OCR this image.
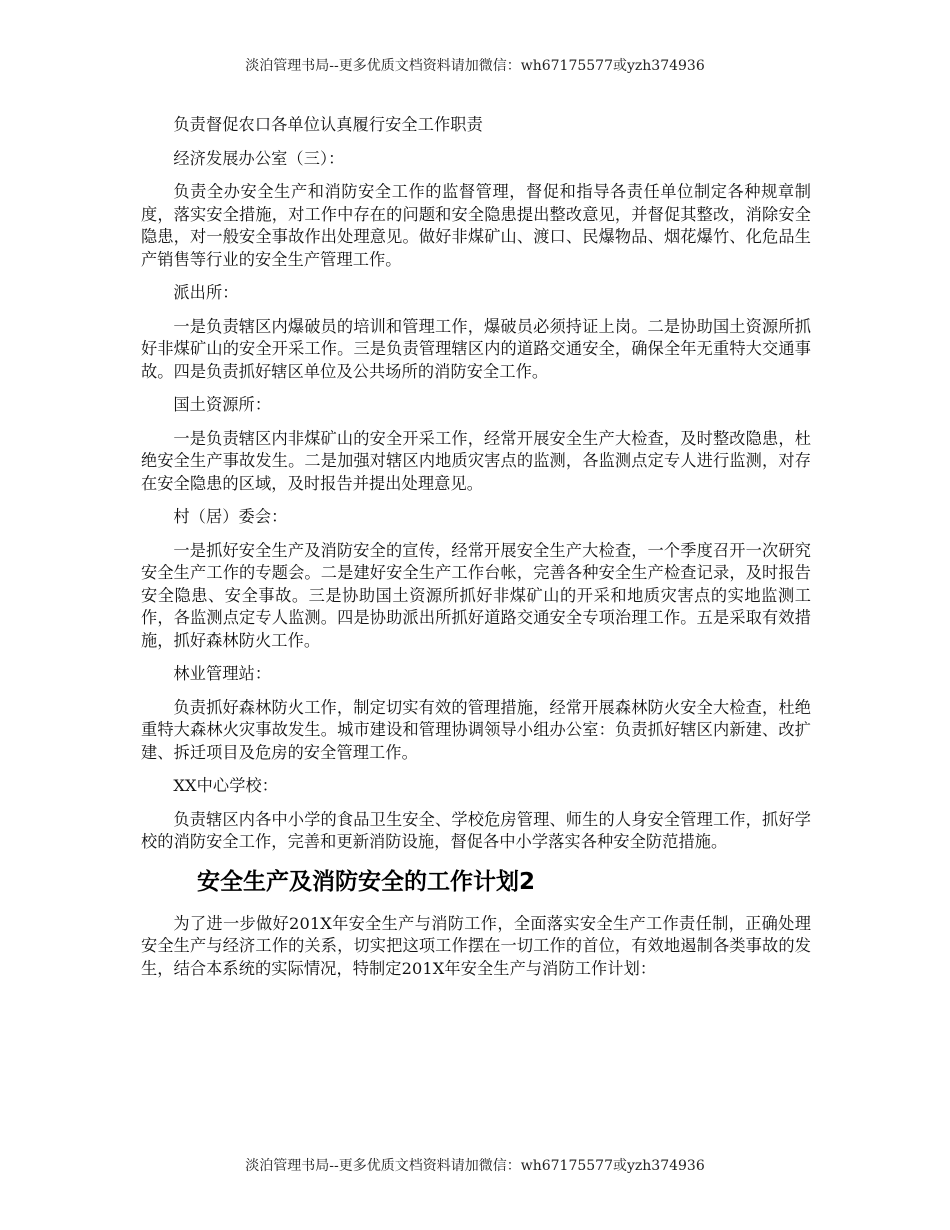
淡泊管理书局--更多优质文档资料请加微信：wh67175577或yzh374936

负责督促农口各单位认真履行安全工作职责

经济发展办公室（三）：

负责全办安全生产和消防安全工作的监督管理，督促和指导各责任单位制定各种规章制度，落实安全措施，对工作中存在的问题和安全隐患提出整改意见，并督促其整改，消除安全隐患，对一般安全事故作出处理意见。做好非煤矿山、渡口、民爆物品、烟花爆竹、化危品生产销售等行业的安全生产管理工作。

派出所：

一是负责辖区内爆破员的培训和管理工作，爆破员必须持证上岗。二是协助国土资源所抓好非煤矿山的安全开采工作。三是负责管理辖区内的道路交通安全，确保全年无重特大交通事故。四是负责抓好辖区单位及公共场所的消防安全工作。

国土资源所：

一是负责辖区内非煤矿山的安全开采工作，经常开展安全生产大检查，及时整改隐患，杜绝安全生产事故发生。二是加强对辖区内地质灾害点的监测，各监测点定专人进行监测，对存在安全隐患的区域，及时报告并提出处理意见。

村（居）委会：

一是抓好安全生产及消防安全的宣传，经常开展安全生产大检查，一个季度召开一次研究安全生产工作的专题会。二是建好安全生产工作台帐，完善各种安全生产检查记录，及时报告安全隐患、安全事故。三是协助国土资源所抓好非煤矿山的开采和地质灾害点的实地监测工作，各监测点定专人监测。四是协助派出所抓好道路交通安全专项治理工作。五是采取有效措施，抓好森林防火工作。

林业管理站：

负责抓好森林防火工作，制定切实有效的管理措施，经常开展森林防火安全大检查，杜绝重特大森林火灾事故发生。城市建设和管理协调领导小组办公室：负责抓好辖区内新建、改扩建、拆迁项目及危房的安全管理工作。

XX中心学校：

负责辖区内各中小学的食品卫生安全、学校危房管理、师生的人身安全管理工作，抓好学校的消防安全工作，完善和更新消防设施，督促各中小学落实各种安全防范措施。

安全生产及消防安全的工作计划2

为了进一步做好201X年安全生产与消防工作，全面落实安全生产工作责任制，正确处理安全生产与经济工作的关系，切实把这项工作摆在一切工作的首位，有效地遏制各类事故的发生，结合本系统的实际情况，特制定201X年安全生产与消防工作计划：

淡泊管理书局--更多优质文档资料请加微信：wh67175577或yzh374936
